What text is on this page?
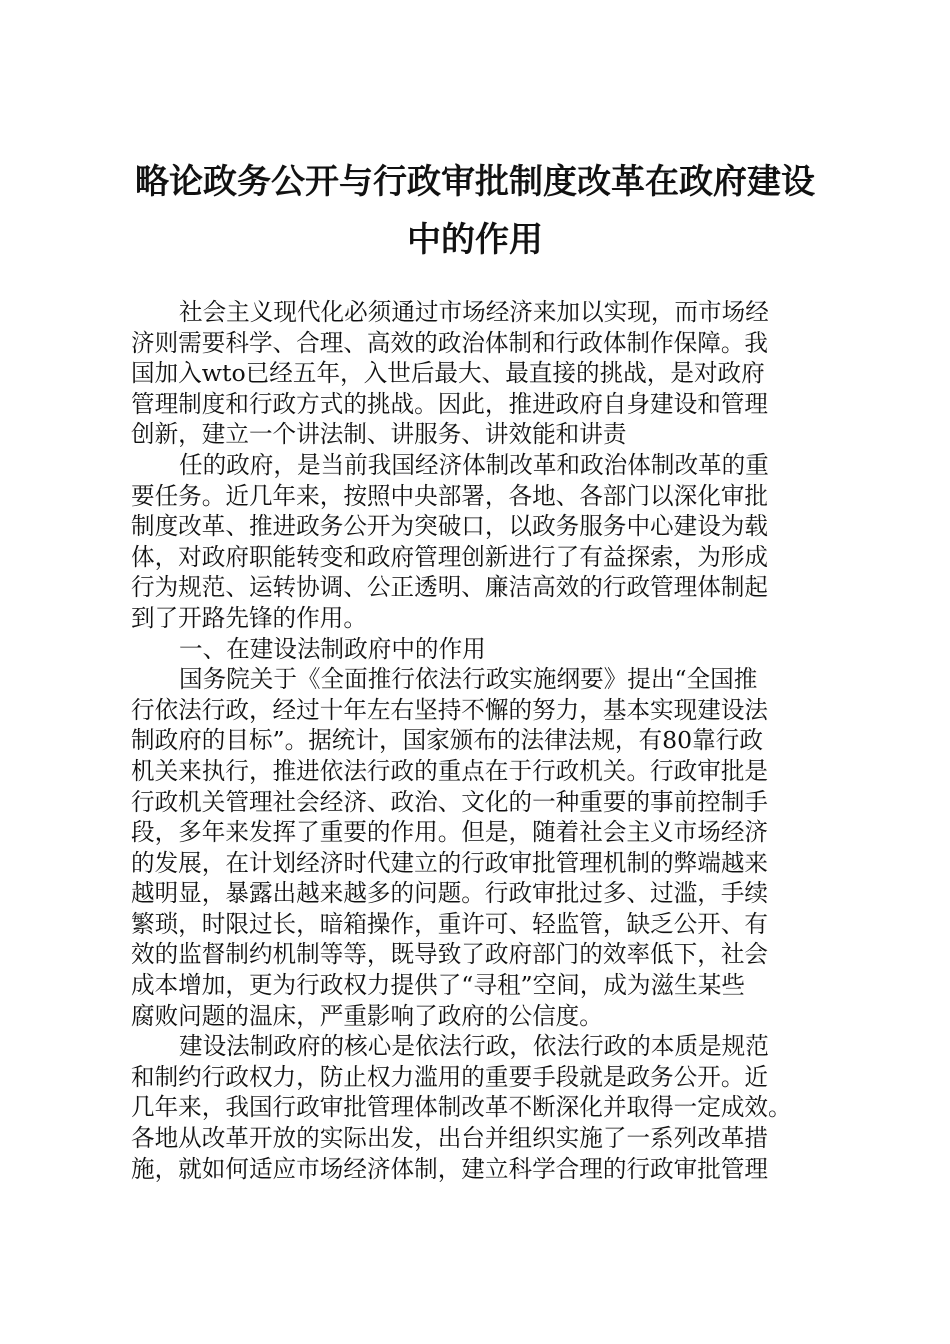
略论政务公开与行政审批制度改革在政府建设
中的作用
社会主义现代化必须通过市场经济来加以实现，而市场经
济则需要科学、合理、高效的政治体制和行政体制作保障。我
国加入wto已经五年，入世后最大、最直接的挑战，是对政府
管理制度和行政方式的挑战。因此，推进政府自身建设和管理
创新，建立一个讲法制、讲服务、讲效能和讲责
任的政府，是当前我国经济体制改革和政治体制改革的重
要任务。近几年来，按照中央部署，各地、各部门以深化审批
制度改革、推进政务公开为突破口，以政务服务中心建设为载
体，对政府职能转变和政府管理创新进行了有益探索，为形成
行为规范、运转协调、公正透明、廉洁高效的行政管理体制起
到了开路先锋的作用。
一、在建设法制政府中的作用
国务院关于《全面推行依法行政实施纲要》提出“全国推
行依法行政，经过十年左右坚持不懈的努力，基本实现建设法
制政府的目标”。据统计，国家颁布的法律法规，有80靠行政
机关来执行，推进依法行政的重点在于行政机关。行政审批是
行政机关管理社会经济、政治、文化的一种重要的事前控制手
段，多年来发挥了重要的作用。但是，随着社会主义市场经济
的发展，在计划经济时代建立的行政审批管理机制的弊端越来
越明显，暴露出越来越多的问题。行政审批过多、过滥，手续
繁琐，时限过长，暗箱操作，重许可、轻监管，缺乏公开、有
效的监督制约机制等等，既导致了政府部门的效率低下，社会
成本增加，更为行政权力提供了“寻租”空间，成为滋生某些
腐败问题的温床，严重影响了政府的公信度。
建设法制政府的核心是依法行政，依法行政的本质是规范
和制约行政权力，防止权力滥用的重要手段就是政务公开。近
几年来，我国行政审批管理体制改革不断深化并取得一定成效。
各地从改革开放的实际出发，出台并组织实施了一系列改革措
施，就如何适应市场经济体制，建立科学合理的行政审批管理
